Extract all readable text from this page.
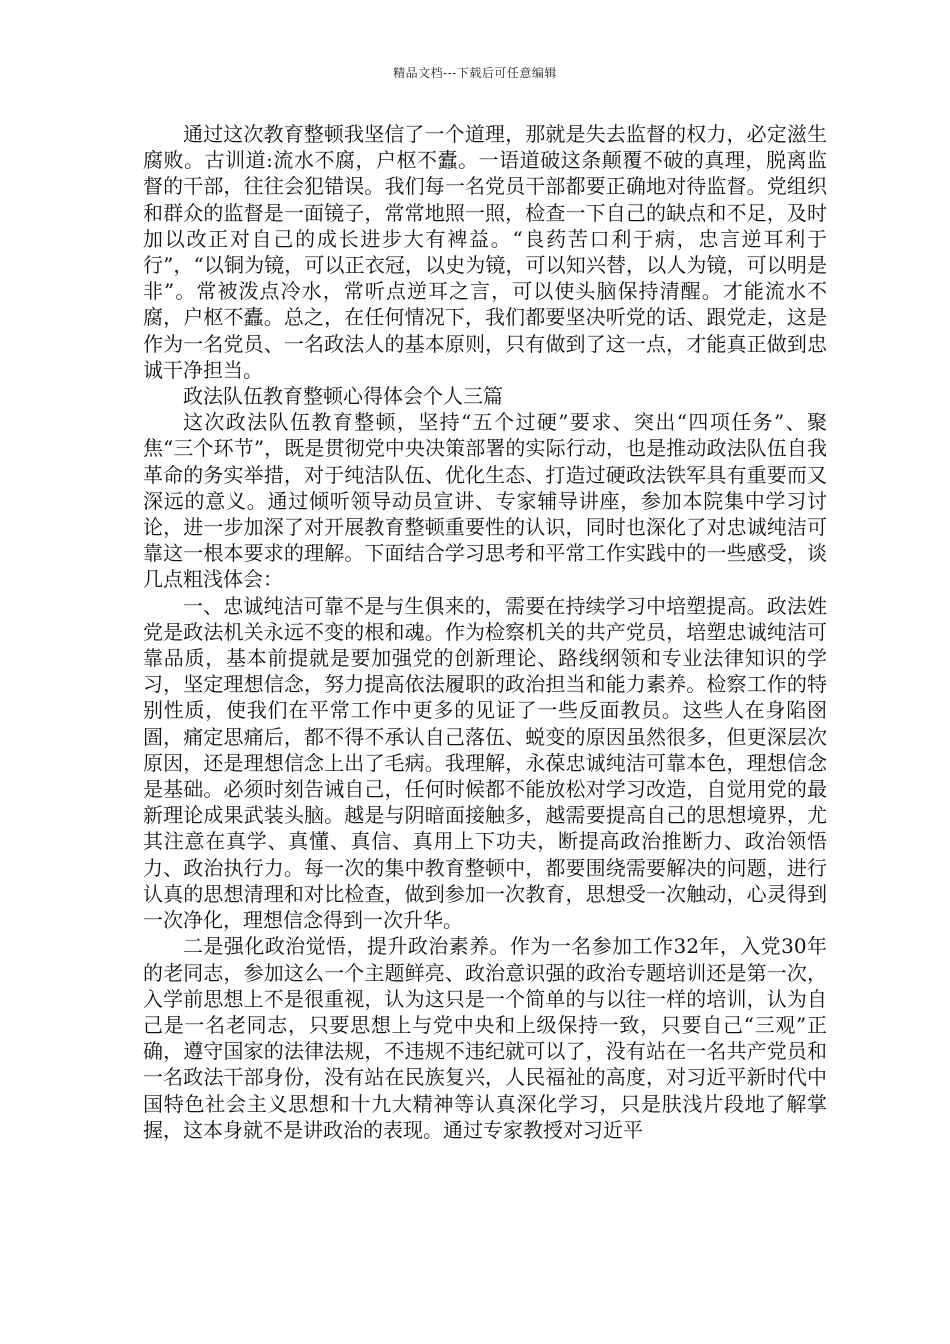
精品文档---下载后可任意编辑

通过这次教育整顿我坚信了一个道理，那就是失去监督的权力，必定滋生腐败。古训道:流水不腐，户枢不蠹。一语道破这条颠覆不破的真理，脱离监督的干部，往往会犯错误。我们每一名党员干部都要正确地对待监督。党组织和群众的监督是一面镜子，常常地照一照，检查一下自己的缺点和不足，及时加以改正对自己的成长进步大有裨益。“良药苦口利于病，忠言逆耳利于行”，“以铜为镜，可以正衣冠，以史为镜，可以知兴替，以人为镜，可以明是非”。常被泼点冷水，常听点逆耳之言，可以使头脑保持清醒。才能流水不腐，户枢不蠹。总之，在任何情况下，我们都要坚决听党的话、跟党走，这是作为一名党员、一名政法人的基本原则，只有做到了这一点，才能真正做到忠诚干净担当。

政法队伍教育整顿心得体会个人三篇

这次政法队伍教育整顿，坚持“五个过硬”要求、突出“四项任务”、聚焦“三个环节”，既是贯彻党中央决策部署的实际行动，也是推动政法队伍自我革命的务实举措，对于纯洁队伍、优化生态、打造过硬政法铁军具有重要而又深远的意义。通过倾听领导动员宣讲、专家辅导讲座，参加本院集中学习讨论，进一步加深了对开展教育整顿重要性的认识，同时也深化了对忠诚纯洁可靠这一根本要求的理解。下面结合学习思考和平常工作实践中的一些感受，谈几点粗浅体会：

一、忠诚纯洁可靠不是与生俱来的，需要在持续学习中培塑提高。政法姓党是政法机关永远不变的根和魂。作为检察机关的共产党员，培塑忠诚纯洁可靠品质，基本前提就是要加强党的创新理论、路线纲领和专业法律知识的学习，坚定理想信念，努力提高依法履职的政治担当和能力素养。检察工作的特别性质，使我们在平常工作中更多的见证了一些反面教员。这些人在身陷囹圄，痛定思痛后，都不得不承认自己落伍、蜕变的原因虽然很多，但更深层次原因，还是理想信念上出了毛病。我理解，永葆忠诚纯洁可靠本色，理想信念是基础。必须时刻告诫自己，任何时候都不能放松对学习改造，自觉用党的最新理论成果武装头脑。越是与阴暗面接触多，越需要提高自己的思想境界，尤其注意在真学、真懂、真信、真用上下功夫，断提高政治推断力、政治领悟力、政治执行力。每一次的集中教育整顿中，都要围绕需要解决的问题，进行认真的思想清理和对比检查，做到参加一次教育，思想受一次触动，心灵得到一次净化，理想信念得到一次升华。

二是强化政治觉悟，提升政治素养。作为一名参加工作32年，入党30年的老同志，参加这么一个主题鲜亮、政治意识强的政治专题培训还是第一次，入学前思想上不是很重视，认为这只是一个简单的与以往一样的培训，认为自己是一名老同志，只要思想上与党中央和上级保持一致，只要自己“三观”正确，遵守国家的法律法规，不违规不违纪就可以了，没有站在一名共产党员和一名政法干部身份，没有站在民族复兴，人民福祉的高度，对习近平新时代中国特色社会主义思想和十九大精神等认真深化学习，只是肤浅片段地了解掌握，这本身就不是讲政治的表现。通过专家教授对习近平
